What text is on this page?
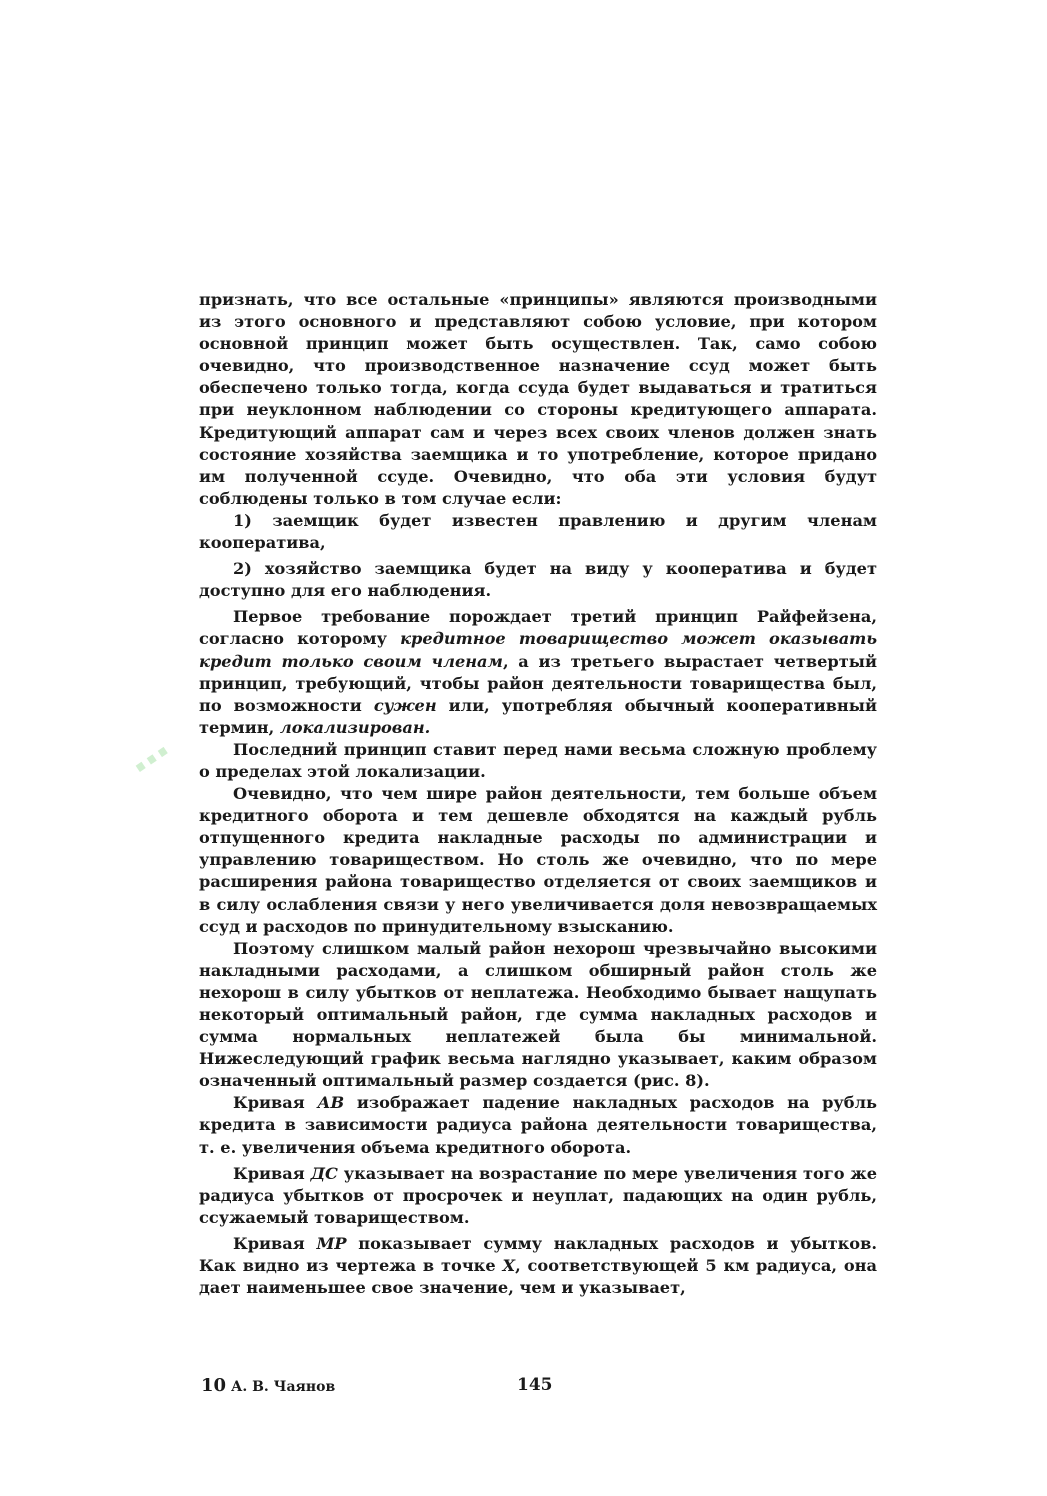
…

признать, что все остальные «принципы» являются производными из этого основного и представляют собою условие, при котором основной принцип может быть осуществлен. Так, само собою очевидно, что производственное назначение ссуд может быть обеспечено только тогда, когда ссуда будет выдаваться и тратиться при неуклонном наблюдении со стороны кредитующего аппарата. Кредитующий аппарат сам и через всех своих членов должен знать состояние хозяйства заемщика и то употребление, которое придано им полученной ссуде. Очевидно, что оба эти условия будут соблюдены только в том случае если:

1) заемщик будет известен правлению и другим членам кооператива,

2) хозяйство заемщика будет на виду у кооператива и будет доступно для его наблюдения.

Первое требование порождает третий принцип Райфейзена, согласно которому кредитное товарищество может оказывать кредит только своим членам, а из третьего вырастает четвертый принцип, требующий, чтобы район деятельности товарищества был, по возможности сужен или, употребляя обычный кооперативный термин, локализирован.

Последний принцип ставит перед нами весьма сложную проблему о пределах этой локализации.

Очевидно, что чем шире район деятельности, тем больше объем кредитного оборота и тем дешевле обходятся на каждый рубль отпущенного кредита накладные расходы по администрации и управлению товариществом. Но столь же очевидно, что по мере расширения района товарищество отделяется от своих заемщиков и в силу ослабления связи у него увеличивается доля невозвращаемых ссуд и расходов по принудительному взысканию.

Поэтому слишком малый район нехорош чрезвычайно высокими накладными расходами, а слишком обширный район столь же нехорош в силу убытков от неплатежа. Необходимо бывает нащупать некоторый оптимальный район, где сумма накладных расходов и сумма нормальных неплатежей была бы минимальной. Нижеследующий график весьма наглядно указывает, каким образом означенный оптимальный размер создается (рис. 8).

Кривая АВ изображает падение накладных расходов на рубль кредита в зависимости радиуса района деятельности товарищества, т. е. увеличения объема кредитного оборота.

Кривая ДС указывает на возрастание по мере увеличения того же радиуса убытков от просрочек и неуплат, падающих на один рубль, ссужаемый товариществом.

Кривая МР показывает сумму накладных расходов и убытков. Как видно из чертежа в точке Х, соответствующей 5 км радиуса, она дает наименьшее свое значение, чем и указывает,

10 А. В. Чаянов	145
